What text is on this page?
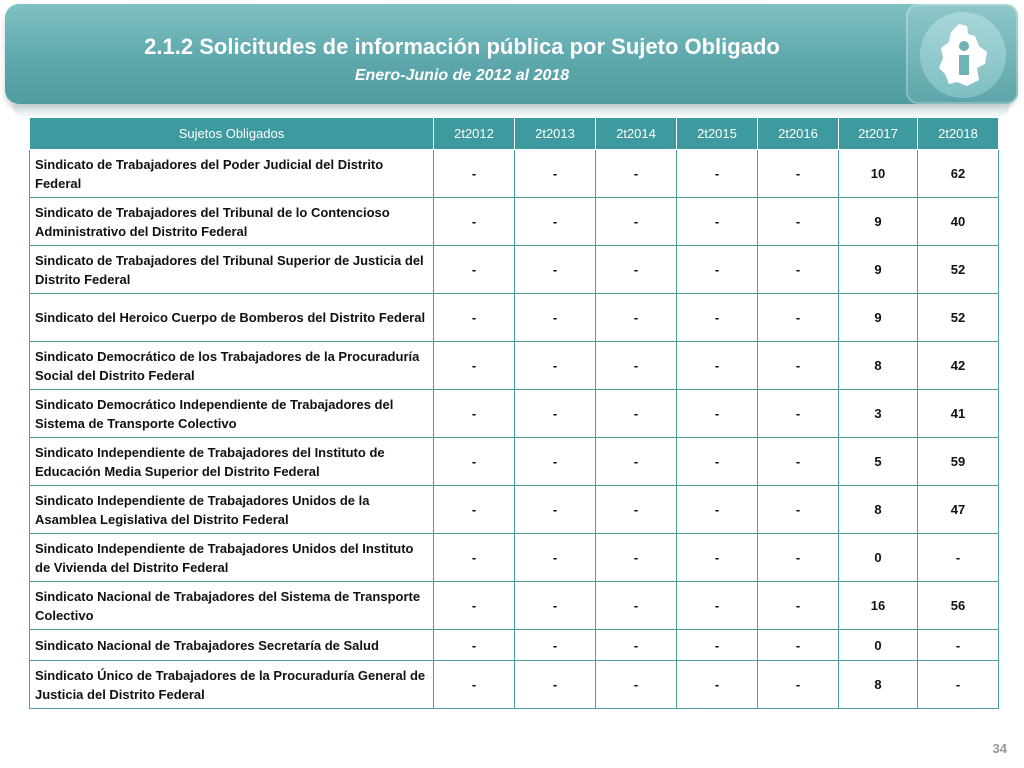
2.1.2 Solicitudes de información pública por Sujeto Obligado
Enero-Junio de 2012 al 2018
Sujetos Obligados	2t2012	2t2013	2t2014	2t2015	2t2016	2t2017	2t2018
Sindicato de Trabajadores del Poder Judicial del Distrito Federal	-	-	-	-	-	10	62
Sindicato de Trabajadores del Tribunal de lo Contencioso Administrativo del Distrito Federal	-	-	-	-	-	9	40
Sindicato de Trabajadores del Tribunal Superior de Justicia del Distrito Federal	-	-	-	-	-	9	52
Sindicato del Heroico Cuerpo de Bomberos del Distrito Federal	-	-	-	-	-	9	52
Sindicato Democrático de los Trabajadores de la Procuraduría Social del Distrito Federal	-	-	-	-	-	8	42
Sindicato Democrático Independiente de Trabajadores del Sistema de Transporte Colectivo	-	-	-	-	-	3	41
Sindicato Independiente de Trabajadores del Instituto de Educación Media Superior del Distrito Federal	-	-	-	-	-	5	59
Sindicato Independiente de Trabajadores Unidos de la Asamblea Legislativa del Distrito Federal	-	-	-	-	-	8	47
Sindicato Independiente de Trabajadores Unidos del Instituto de Vivienda del Distrito Federal	-	-	-	-	-	0	-
Sindicato Nacional de Trabajadores del Sistema de Transporte Colectivo	-	-	-	-	-	16	56
Sindicato Nacional de Trabajadores Secretaría de Salud	-	-	-	-	-	0	-
Sindicato Único de Trabajadores de la Procuraduría General de Justicia del Distrito Federal	-	-	-	-	-	8	-
34
